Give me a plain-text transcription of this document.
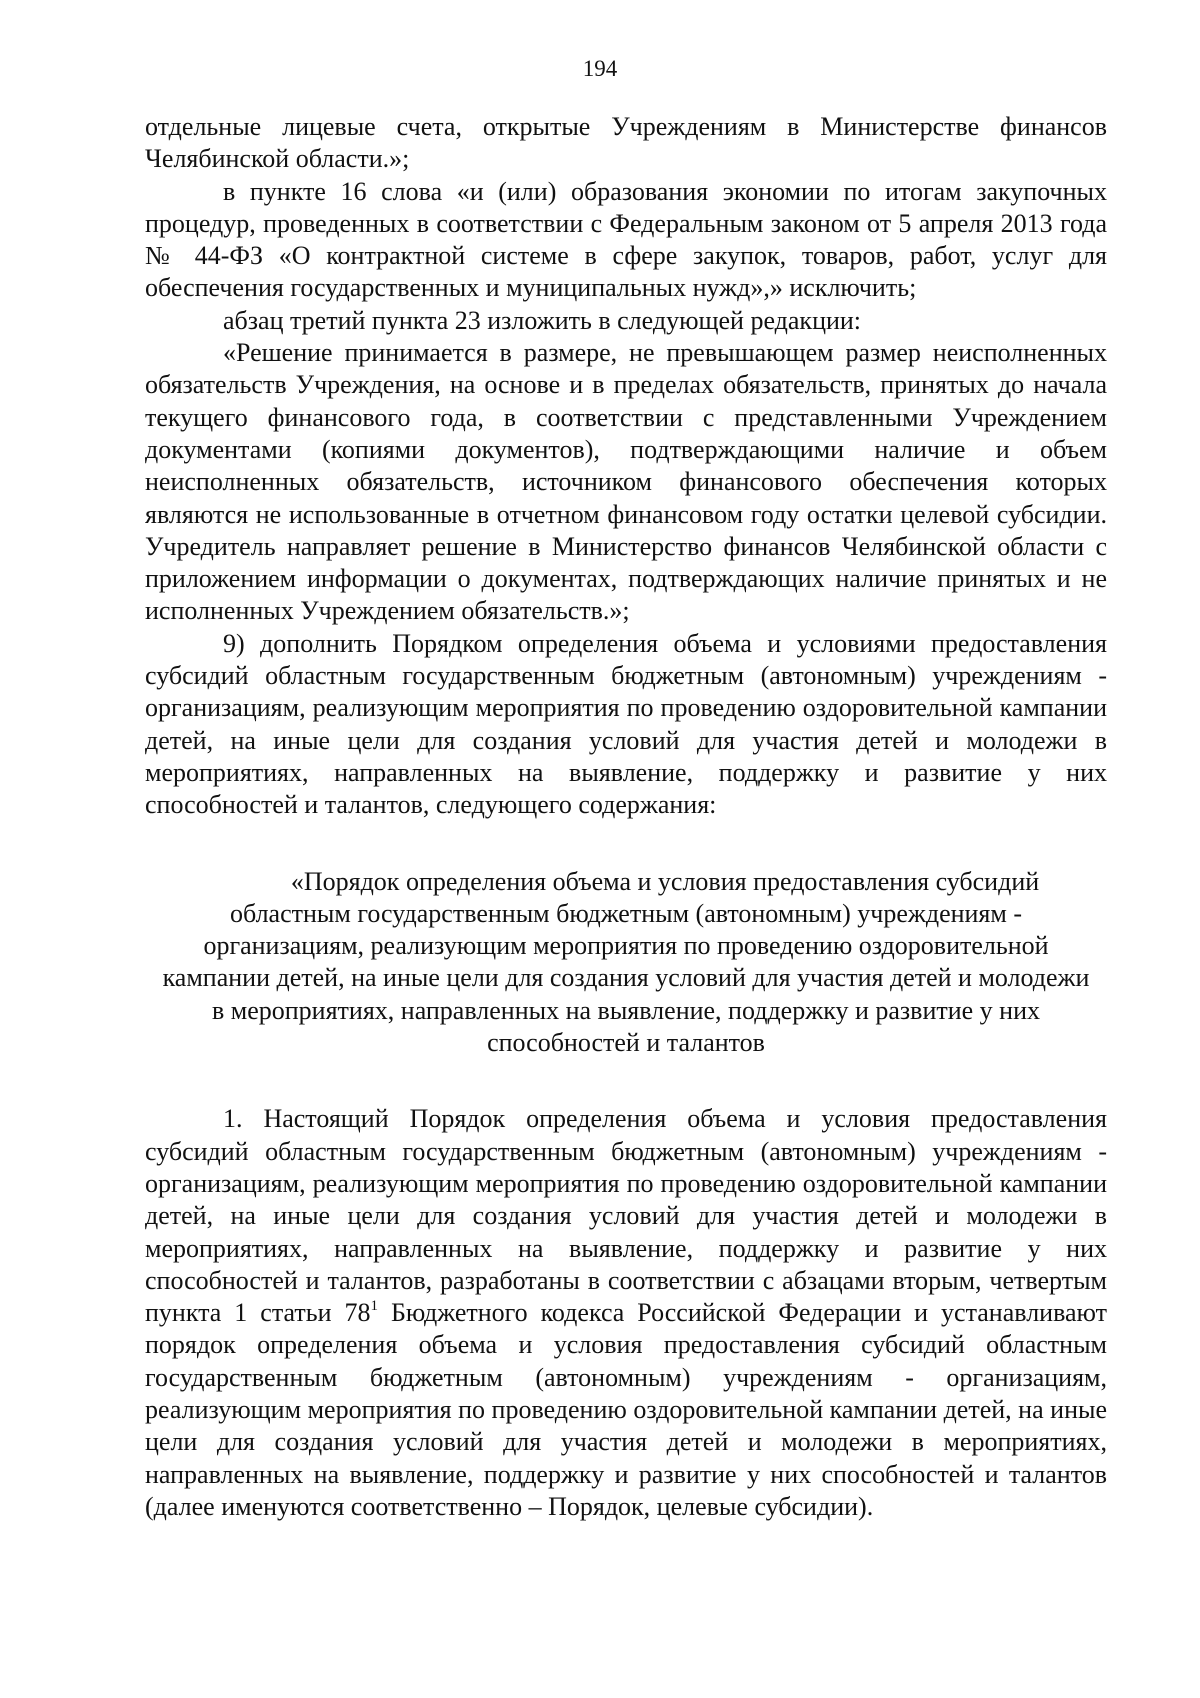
194

отдельные лицевые счета, открытые Учреждениям в Министерстве финансов Челябинской области.»;

в пункте 16 слова «и (или) образования экономии по итогам закупочных процедур, проведенных в соответствии с Федеральным законом от 5 апреля 2013 года № 44-ФЗ «О контрактной системе в сфере закупок, товаров, работ, услуг для обеспечения государственных и муниципальных нужд»,» исключить;

абзац третий пункта 23 изложить в следующей редакции:

«Решение принимается в размере, не превышающем размер неисполненных обязательств Учреждения, на основе и в пределах обязательств, принятых до начала текущего финансового года, в соответствии с представленными Учреждением документами (копиями документов), подтверждающими наличие и объем неисполненных обязательств, источником финансового обеспечения которых являются не использованные в отчетном финансовом году остатки целевой субсидии. Учредитель направляет решение в Министерство финансов Челябинской области с приложением информации о документах, подтверждающих наличие принятых и не исполненных Учреждением обязательств.»;

9) дополнить Порядком определения объема и условиями предоставления субсидий областным государственным бюджетным (автономным) учреждениям - организациям, реализующим мероприятия по проведению оздоровительной кампании детей, на иные цели для создания условий для участия детей и молодежи в мероприятиях, направленных на выявление, поддержку и развитие у них способностей и талантов, следующего содержания:

«Порядок определения объема и условия предоставления субсидий областным государственным бюджетным (автономным) учреждениям - организациям, реализующим мероприятия по проведению оздоровительной кампании детей, на иные цели для создания условий для участия детей и молодежи в мероприятиях, направленных на выявление, поддержку и развитие у них способностей и талантов

1. Настоящий Порядок определения объема и условия предоставления субсидий областным государственным бюджетным (автономным) учреждениям - организациям, реализующим мероприятия по проведению оздоровительной кампании детей, на иные цели для создания условий для участия детей и молодежи в мероприятиях, направленных на выявление, поддержку и развитие у них способностей и талантов, разработаны в соответствии с абзацами вторым, четвертым пункта 1 статьи $78^1$ Бюджетного кодекса Российской Федерации и устанавливают порядок определения объема и условия предоставления субсидий областным государственным бюджетным (автономным) учреждениям - организациям, реализующим мероприятия по проведению оздоровительной кампании детей, на иные цели для создания условий для участия детей и молодежи в мероприятиях, направленных на выявление, поддержку и развитие у них способностей и талантов (далее именуются соответственно – Порядок, целевые субсидии).
